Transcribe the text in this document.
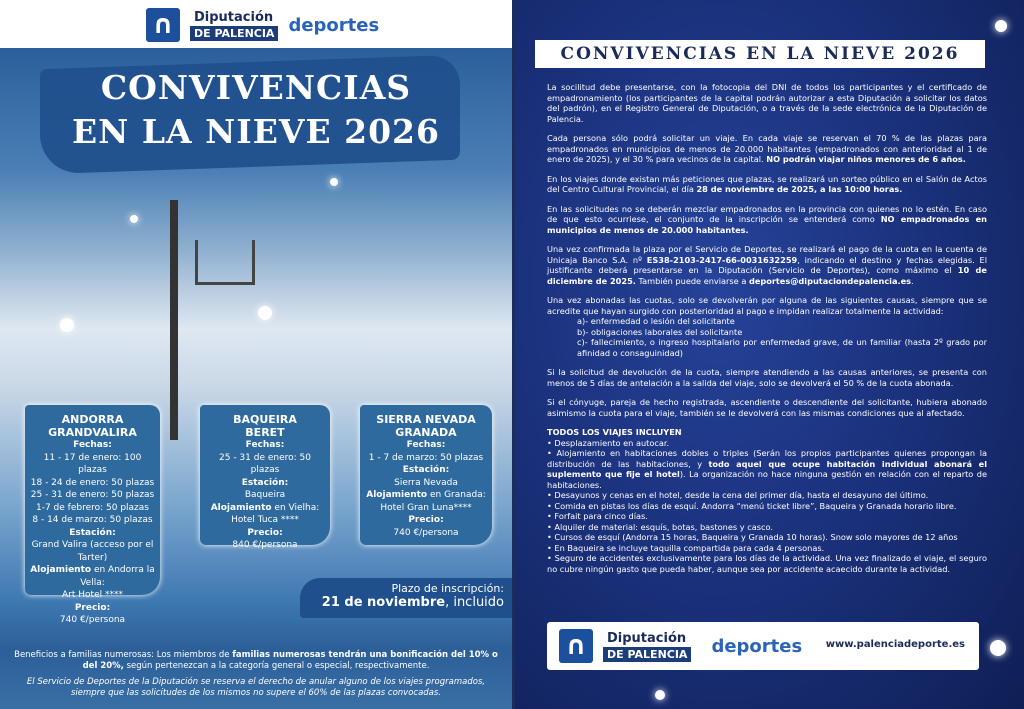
∩	Diputación
DE PALENCIA deportes
CONVIVENCIAS
EN LA NIEVE 2026
ANDORRA
GRANDVALIRA
Fechas:
11 - 17 de enero: 100 plazas
18 - 24 de enero: 50 plazas
25 - 31 de enero: 50 plazas
1-7 de febrero: 50 plazas
8 - 14 de marzo: 50 plazas
Estación:
Grand Valira (acceso por el Tarter)
Alojamiento en Andorra la Vella:
Art Hotel ****
Precio:
740 €/persona
BAQUEIRA
BERET
Fechas:
25 - 31 de enero: 50 plazas
Estación:
Baqueira
Alojamiento en Vielha:
Hotel Tuca ****
Precio:
840 €/persona
SIERRA NEVADA
GRANADA
Fechas:
1 - 7 de marzo: 50 plazas
Estación:
Sierra Nevada
Alojamiento en Granada:
Hotel Gran Luna****
Precio:
740 €/persona
Plazo de inscripción:
21 de noviembre, incluido

Beneficios a familias numerosas: Los miembros de familias numerosas tendrán una bonificación del 10% o del 20%, según pertenezcan a la categoría general o especial, respectivamente.

El Servicio de Deportes de la Diputación se reserva el derecho de anular alguno de los viajes programados, siempre que las solicitudes de los mismos no supere el 60% de las plazas convocadas.

CONVIVENCIAS EN LA NIEVE 2026

La socilitud debe presentarse, con la fotocopia del DNI de todos los participantes y el certificado de empadronamiento (los participantes de la capital podrán autorizar a esta Diputación a solicitar los datos del padrón), en el Registro General de Diputación, o a través de la sede electrónica de la Diputación de Palencia.

Cada persona sólo podrá solicitar un viaje. En cada viaje se reservan el 70 % de las plazas para empadronados en municipios de menos de 20.000 habitantes (empadronados con anterioridad al 1 de enero de 2025), y el 30 % para vecinos de la capital. NO podrán viajar niños menores de 6 años.

En los viajes donde existan más peticiones que plazas, se realizará un sorteo público en el Salón de Actos del Centro Cultural Provincial, el día 28 de noviembre de 2025, a las 10:00 horas.

En las solicitudes no se deberán mezclar empadronados en la provincia con quienes no lo estén. En caso de que esto ocurriese, el conjunto de la inscripción se entenderá como NO empadronados en municipios de menos de 20.000 habitantes.

Una vez confirmada la plaza por el Servicio de Deportes, se realizará el pago de la cuota en la cuenta de Unicaja Banco S.A. nº ES38-2103-2417-66-0031632259, indicando el destino y fechas elegidas. El justificante deberá presentarse en la Diputación (Servicio de Deportes), como máximo el 10 de diciembre de 2025. También puede enviarse a deportes@diputaciondepalencia.es.

Una vez abonadas las cuotas, solo se devolverán por alguna de las siguientes causas, siempre que se acredite que hayan surgido con posterioridad al pago e impidan realizar totalmente la actividad:
a)- enfermedad o lesión del solicitante
b)- obligaciones laborales del solicitante
c)- fallecimiento, o ingreso hospitalario por enfermedad grave, de un familiar (hasta 2º grado por afinidad o consaguinidad)

Si la solicitud de devolución de la cuota, siempre atendiendo a las causas anteriores, se presenta con menos de 5 días de antelación a la salida del viaje, solo se devolverá el 50 % de la cuota abonada.

Si el cónyuge, pareja de hecho registrada, ascendiente o descendiente del solicitante, hubiera abonado asimismo la cuota para el viaje, también se le devolverá con las mismas condiciones que al afectado.

TODOS LOS VIAJES INCLUYEN

• Desplazamiento en autocar.

• Alojamiento en habitaciones dobles o triples (Serán los propios participantes quienes propongan la distribución de las habitaciones, y todo aquel que ocupe habitación individual abonará el suplemento que fije el hotel). La organización no hace ninguna gestión en relación con el reparto de habitaciones.

• Desayunos y cenas en el hotel, desde la cena del primer día, hasta el desayuno del último.

• Comida en pistas los días de esquí. Andorra “menú ticket libre”, Baqueira y Granada horario libre.

• Forfait para cinco días.

• Alquiler de material: esquís, botas, bastones y casco.

• Cursos de esquí (Andorra 15 horas, Baqueira y Granada 10 horas). Snow solo mayores de 12 años

• En Baqueira se incluye taquilla compartida para cada 4 personas.

• Seguro de accidentes exclusivamente para los días de la actividad. Una vez finalizado el viaje, el seguro no cubre ningún gasto que pueda haber, aunque sea por accidente acaecido durante la actividad.

∩	Diputación
DE PALENCIA deportes www.palenciadeporte.es
